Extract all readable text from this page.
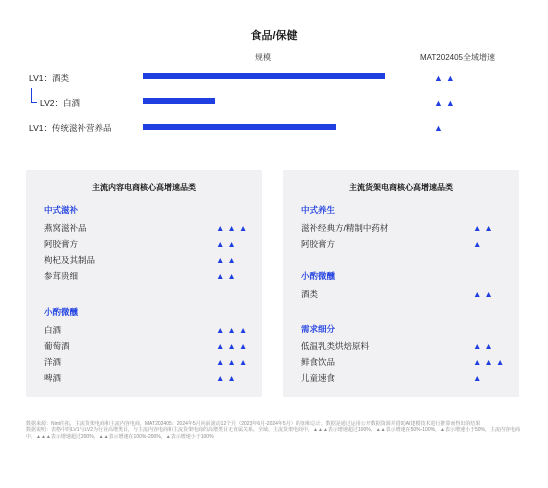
食品/保健
规模	MAT202405全域增速
LV1：酒类	▲▲
LV2：白酒	▲▲
LV1：传统滋补营养品	▲
主流内容电商核心高增速品类
中式滋补
燕窝滋补品	▲▲▲
阿胶膏方	▲▲
枸杞及其制品	▲▲
参茸贵细	▲▲
小酌微醺
白酒	▲▲▲
葡萄酒	▲▲▲
洋酒	▲▲▲
啤酒	▲▲
主流货架电商核心高增速品类
中式养生
滋补经典方/精制中药材	▲▲
阿胶膏方	▲
小酌微醺
酒类	▲▲
需求细分
低温乳类烘焙原料	▲▲
鲜食饮品	▲▲▲
儿童速食	▲
数据来源：Nint任拓，主流货架电商和主流内容电商，MAT202405：2024年5月向前滚动12个月（2023年6月-2024年5月）的加和总计。数据是通过运用公开数据资源并借助AI建模技术进行推算而得出的结果
数据说明：表格中的LV1与LV2为行业高增类目，与主流内容电商和主流货架电商的高增类目无直属关系。全域、主流货架电商中，▲▲▲表示增速超过100%，▲▲表示增速在50%-100%，▲表示增速小于50%，主流内容电商中，▲▲▲表示增速超过200%，▲▲表示增速在100%-200%，▲表示增速小于100%
